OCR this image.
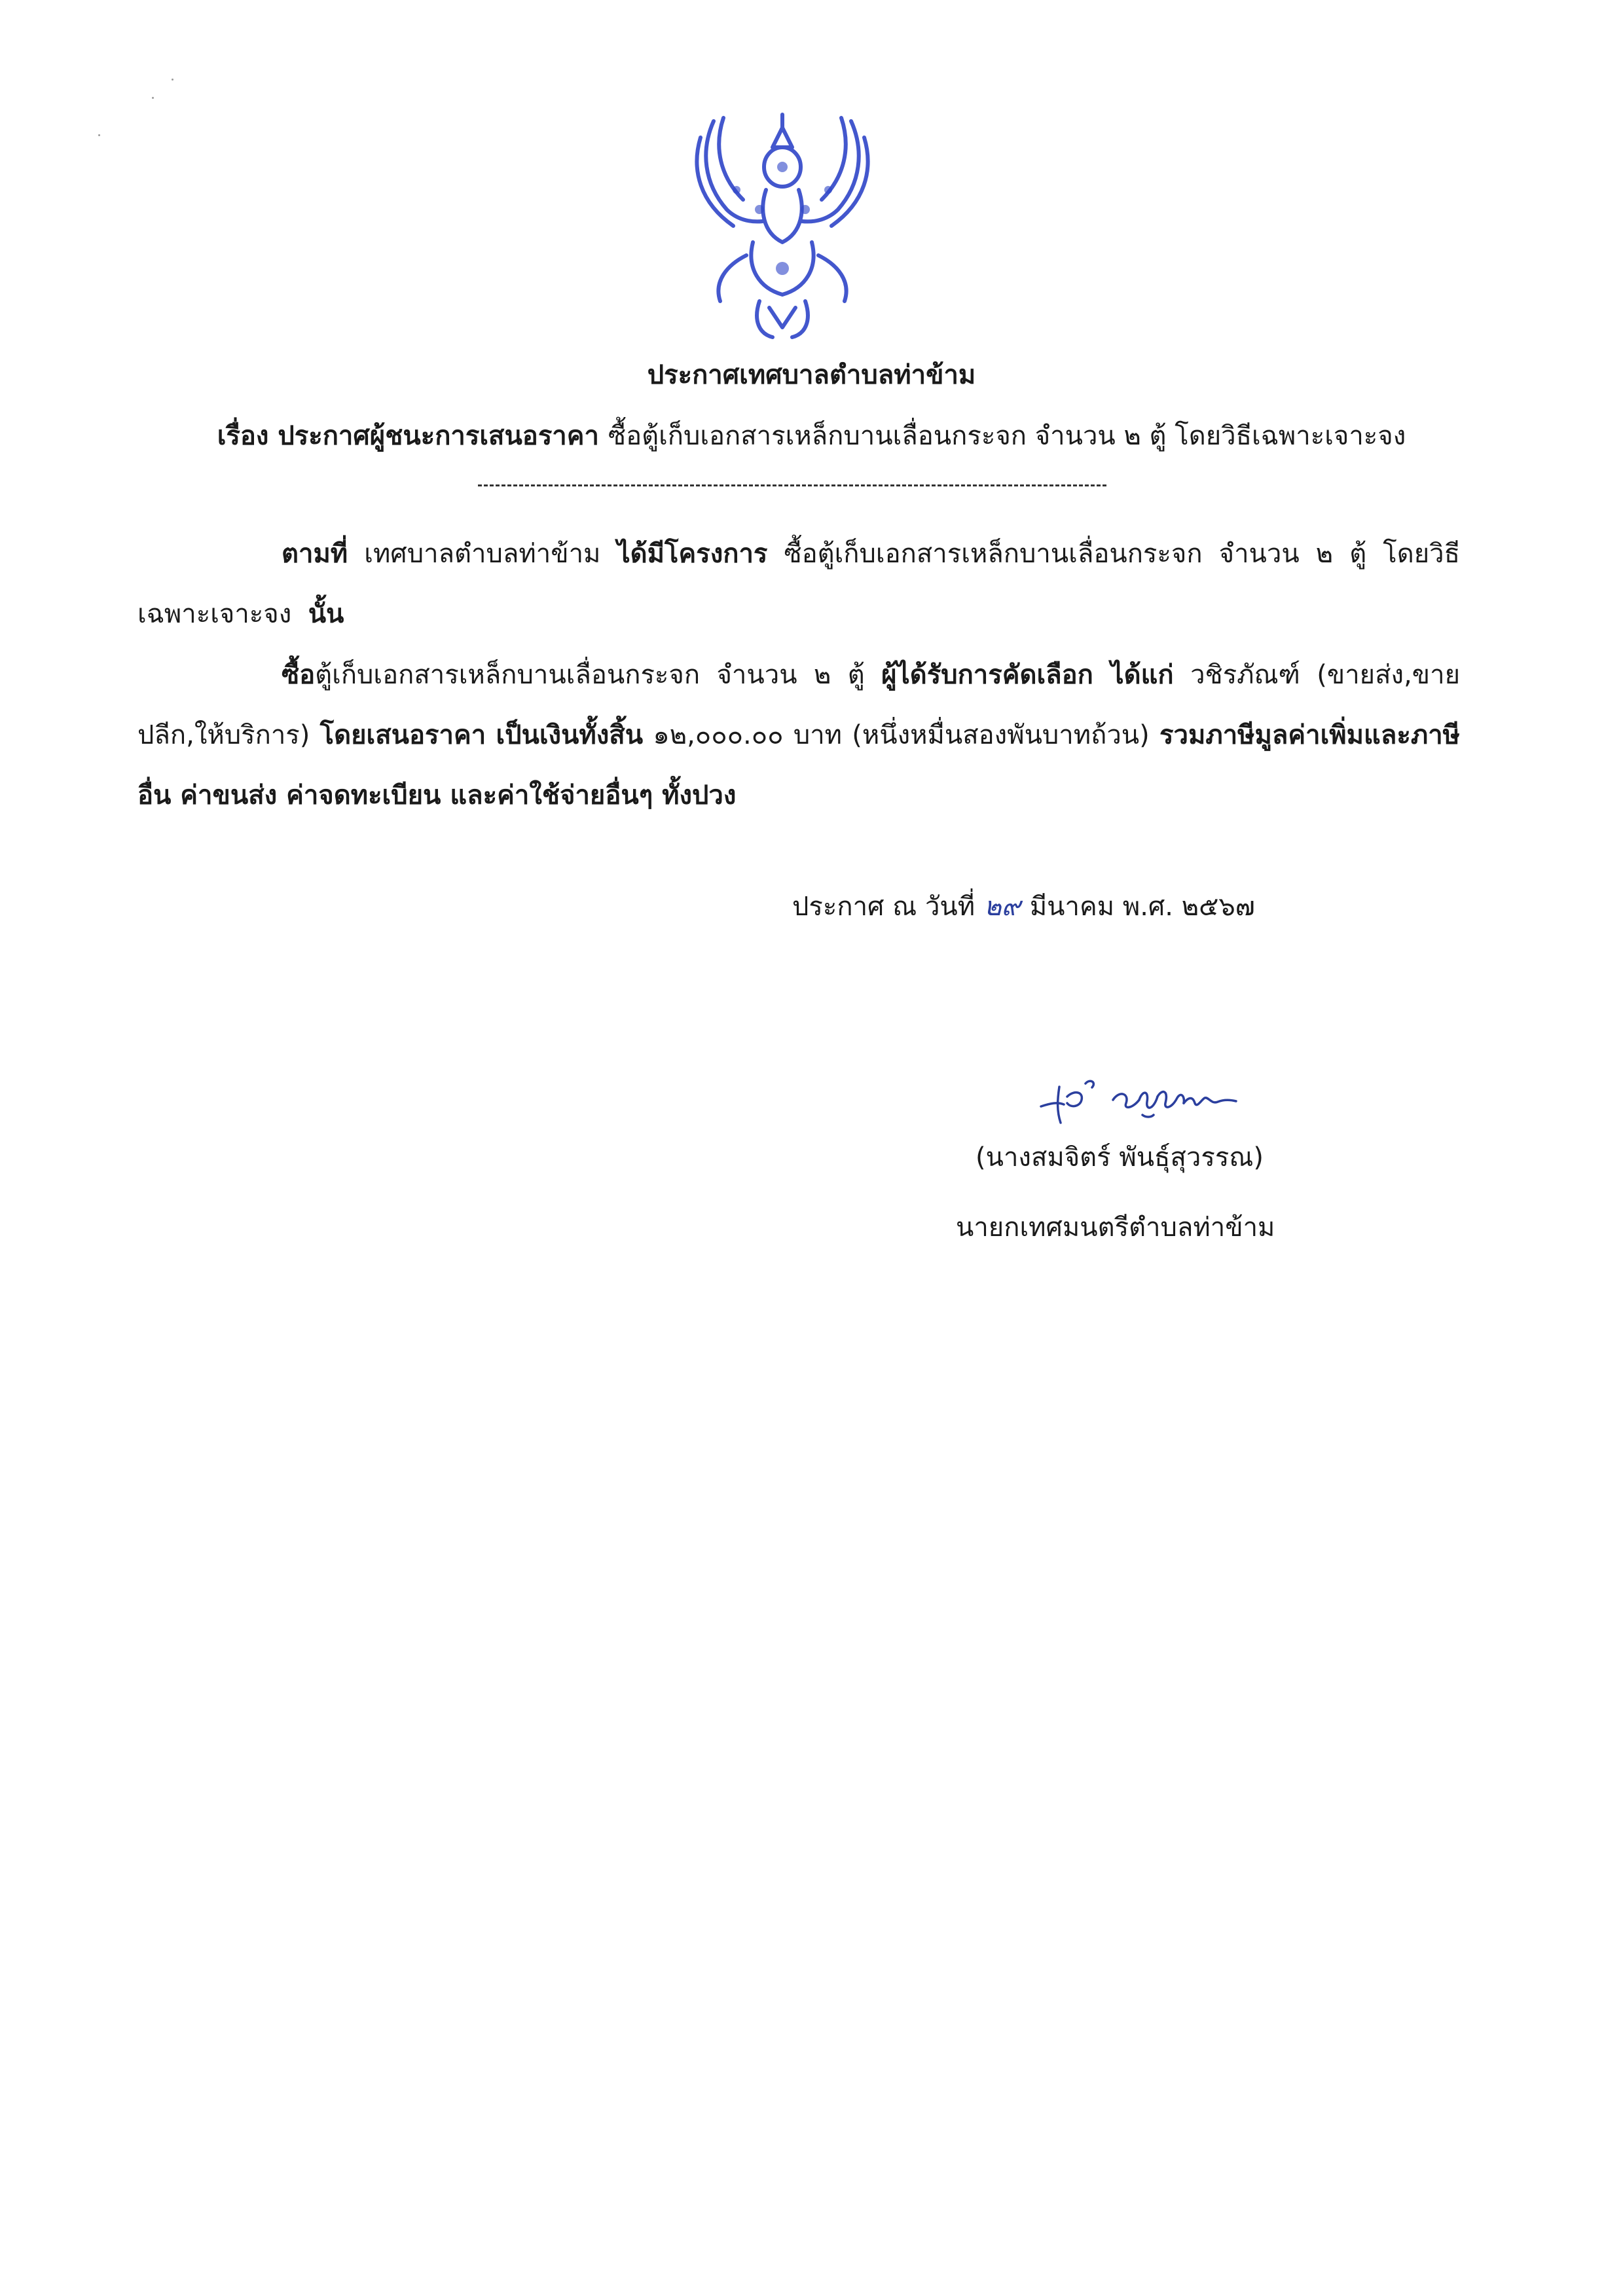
ประกาศเทศบาลตำบลท่าข้าม
เรื่อง ประกาศผู้ชนะการเสนอราคา ซื้อตู้เก็บเอกสารเหล็กบานเลื่อนกระจก จำนวน ๒ ตู้ โดยวิธีเฉพาะเจาะจง
ตามที่ เทศบาลตำบลท่าข้าม ได้มีโครงการ ซื้อตู้เก็บเอกสารเหล็กบานเลื่อนกระจก จำนวน ๒ ตู้ โดยวิธีเฉพาะเจาะจง นั้น
ซื้อตู้เก็บเอกสารเหล็กบานเลื่อนกระจก จำนวน ๒ ตู้ ผู้ได้รับการคัดเลือก ได้แก่ วชิรภัณฑ์ (ขายส่ง,ขายปลีก,ให้บริการ) โดยเสนอราคา เป็นเงินทั้งสิ้น ๑๒,๐๐๐.๐๐ บาท (หนึ่งหมื่นสองพันบาทถ้วน) รวมภาษีมูลค่าเพิ่มและภาษีอื่น ค่าขนส่ง ค่าจดทะเบียน และค่าใช้จ่ายอื่นๆ ทั้งปวง
ประกาศ ณ วันที่ ๒๙ มีนาคม พ.ศ. ๒๕๖๗
(นางสมจิตร์ พันธุ์สุวรรณ)
นายกเทศมนตรีตำบลท่าข้าม
